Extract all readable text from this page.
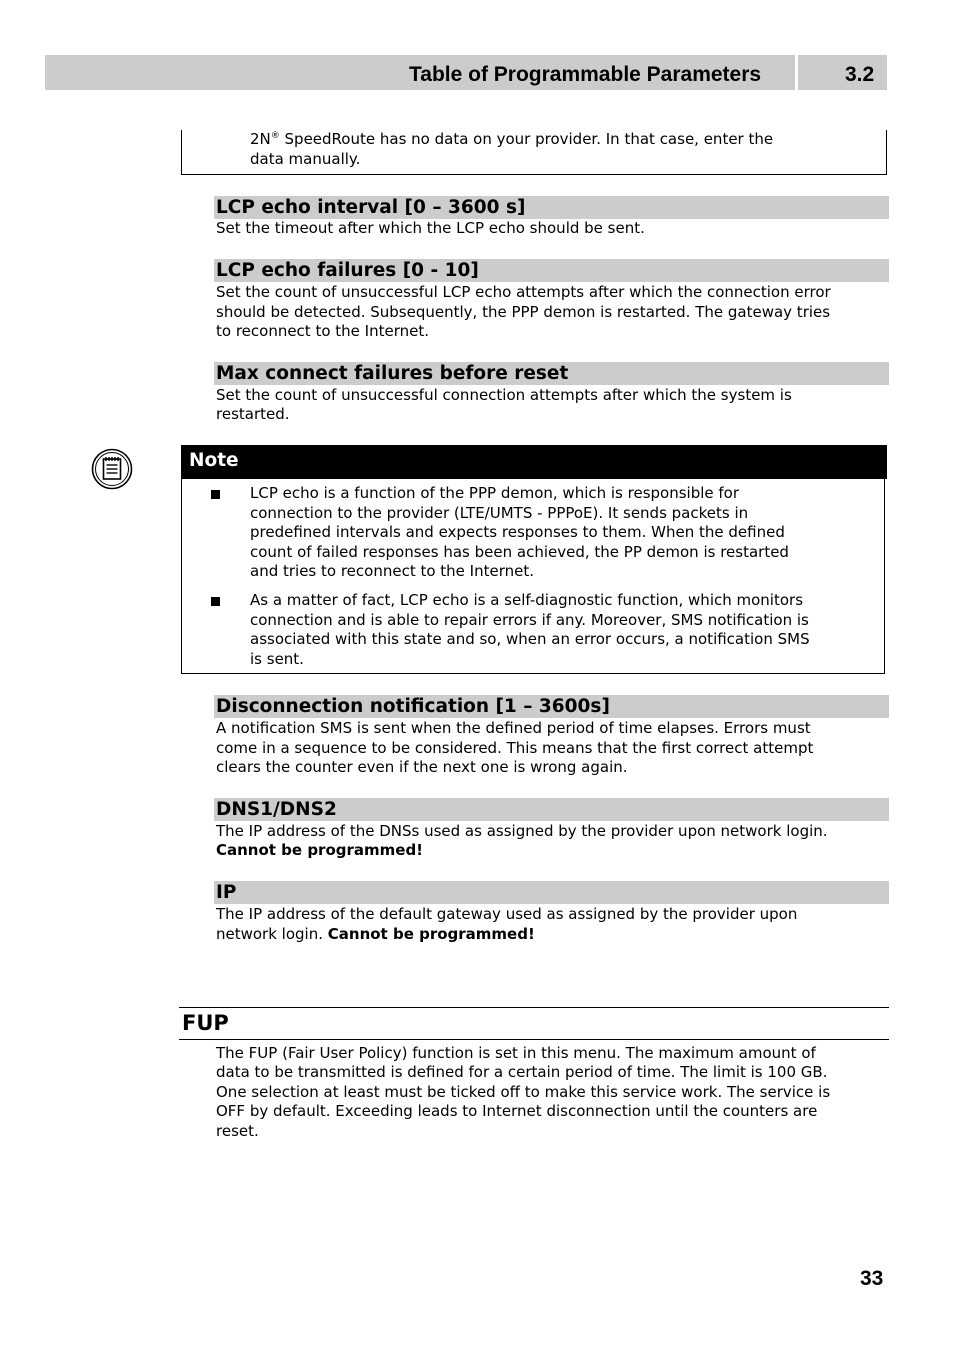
Table of Programmable Parameters	3.2

2N® SpeedRoute has no data on your provider. In that case, enter the

data manually.

LCP echo interval [0 – 3600 s]

Set the timeout after which the LCP echo should be sent.

LCP echo failures [0 - 10]

Set the count of unsuccessful LCP echo attempts after which the connection error

should be detected. Subsequently, the PPP demon is restarted. The gateway tries

to reconnect to the Internet.

Max connect failures before reset

Set the count of unsuccessful connection attempts after which the system is

restarted.

Note

LCP echo is a function of the PPP demon, which is responsible for

connection to the provider (LTE/UMTS - PPPoE). It sends packets in

predefined intervals and expects responses to them. When the defined

count of failed responses has been achieved, the PP demon is restarted

and tries to reconnect to the Internet.

As a matter of fact, LCP echo is a self-diagnostic function, which monitors

connection and is able to repair errors if any. Moreover, SMS notification is

associated with this state and so, when an error occurs, a notification SMS

is sent.

Disconnection notification [1 – 3600s]

A notification SMS is sent when the defined period of time elapses. Errors must

come in a sequence to be considered. This means that the first correct attempt

clears the counter even if the next one is wrong again.

DNS1/DNS2

The IP address of the DNSs used as assigned by the provider upon network login.

Cannot be programmed!

IP

The IP address of the default gateway used as assigned by the provider upon

network login. Cannot be programmed!

FUP

The FUP (Fair User Policy) function is set in this menu. The maximum amount of

data to be transmitted is defined for a certain period of time. The limit is 100 GB.

One selection at least must be ticked off to make this service work. The service is

OFF by default. Exceeding leads to Internet disconnection until the counters are

reset.

33
